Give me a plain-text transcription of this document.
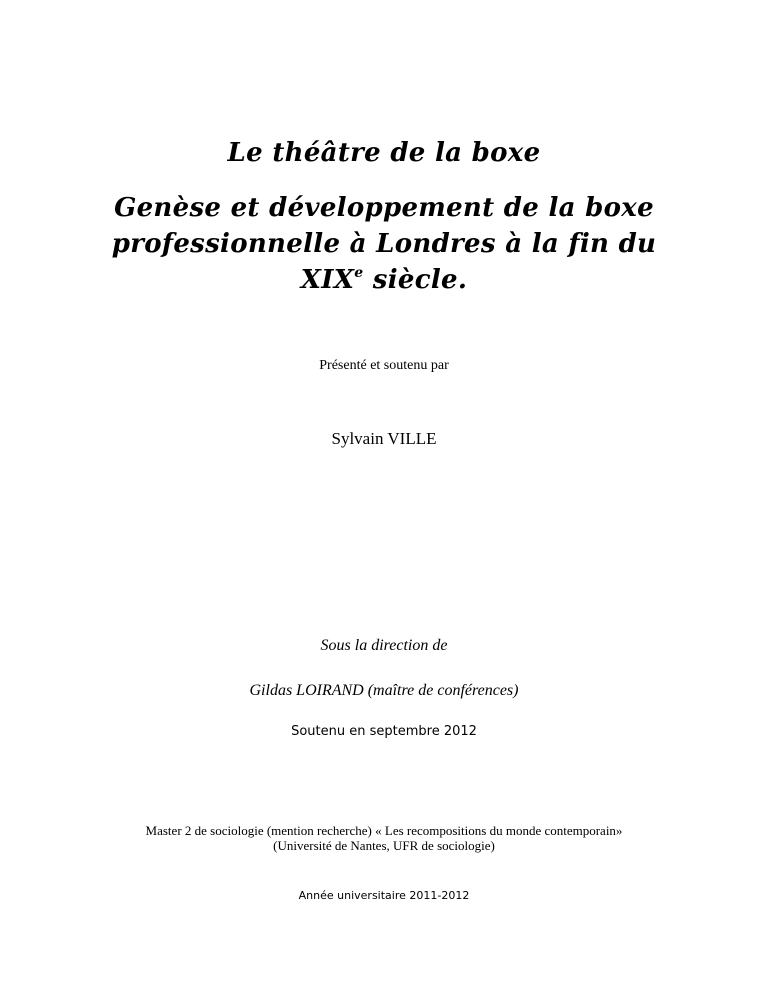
Le théâtre de la boxe
Genèse et développement de la boxe
professionnelle à Londres à la fin du
XIXe siècle.

Présenté et soutenu par

Sylvain VILLE

Sous la direction de

Gildas LOIRAND (maître de conférences)

Soutenu en septembre 2012

Master 2 de sociologie (mention recherche) « Les recompositions du monde contemporain»
(Université de Nantes, UFR de sociologie)

Année universitaire 2011-2012
